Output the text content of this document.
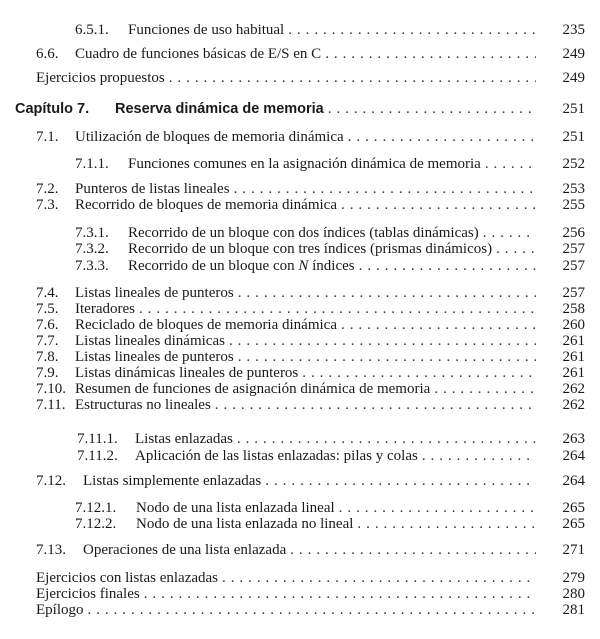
6.5.1.	Funciones de uso habitual . . .	235
6.6.	Cuadro de funciones básicas de E/S en C . . .	249
Ejercicios propuestos . . .	249
Capítulo 7.	Reserva dinámica de memoria . . .	251
7.1.	Utilización de bloques de memoria dinámica . . .	251
7.1.1.	Funciones comunes en la asignación dinámica de memoria . . .	252
7.2.	Punteros de listas lineales . . .	253
7.3.	Recorrido de bloques de memoria dinámica . . .	255
7.3.1.	Recorrido de un bloque con dos índices (tablas dinámicas) . . .	256
7.3.2.	Recorrido de un bloque con tres índices (prismas dinámicos) . . .	257
7.3.3.	Recorrido de un bloque con N índices . . .	257
7.4.	Listas lineales de punteros . . .	257
7.5.	Iteradores . . .	258
7.6.	Reciclado de bloques de memoria dinámica . . .	260
7.7.	Listas lineales dinámicas . . .	261
7.8.	Listas lineales de punteros . . .	261
7.9.	Listas dinámicas lineales de punteros . . .	261
7.10. Resumen de funciones de asignación dinámica de memoria . . .	262
7.11. Estructuras no lineales . . .	262
7.11.1.	Listas enlazadas . . .	263
7.11.2.	Aplicación de las listas enlazadas: pilas y colas . . .	264
7.12.	Listas simplemente enlazadas . . .	264
7.12.1.	Nodo de una lista enlazada lineal . . .	265
7.12.2.	Nodo de una lista enlazada no lineal . . .	265
7.13.	Operaciones de una lista enlazada . . .	271
Ejercicios con listas enlazadas . . .	279
Ejercicios finales . . .	280
Epílogo . . .	281
